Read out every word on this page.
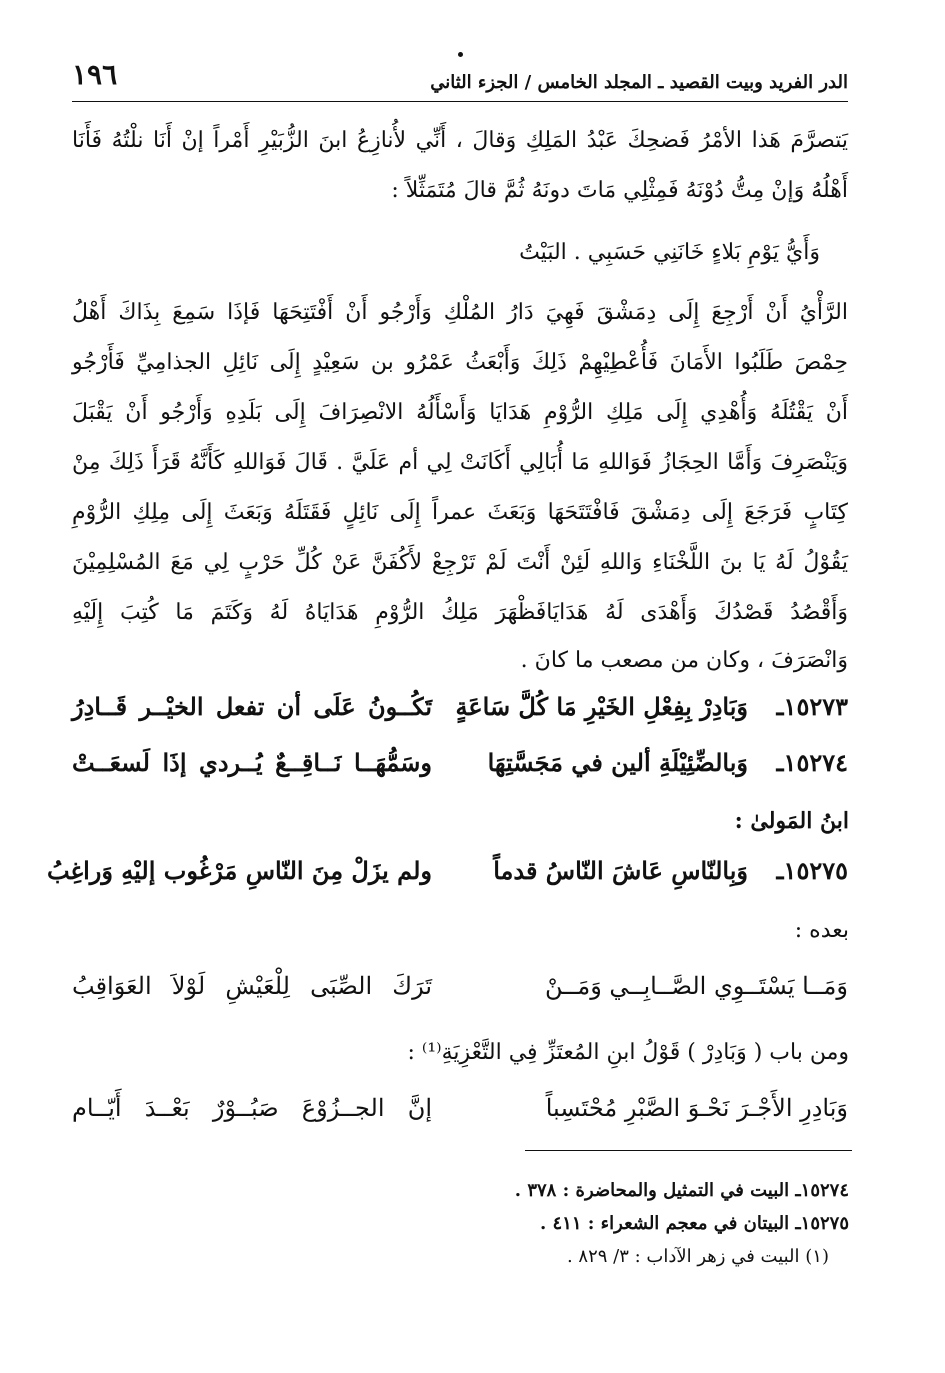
الدر الفريد وبيت القصيد ـ المجلد الخامس / الجزء الثاني
١٩٦
يَتصرَّمَ هَذا الأمْرُ فَضحِكَ عَبْدُ المَلِكِ وَقالَ ، أَنِّي لأُنازِعُ ابنَ الزُّبَيْرِ أَمْراً إنْ أَنَا نلْتُهُ فَأَنَا
أَهْلُهُ وَإنْ مِتُّ دُوْنَهُ فَمِثْلِي مَاتَ دونَهُ ثُمَّ قالَ مُتَمَثِّلاً :
وَأَيُّ يَوْمِ بَلاءٍ خَانَنِي حَسَبِي . البَيْتُ
الرَّأْيُ أَنْ أَرْجِعَ إِلَى دِمَشْقَ فَهِيَ دَارُ المُلْكِ وَأَرْجُو أَنْ أَفْتَتِحَهَا فَإذَا سَمِعَ بِذَاكَ أَهْلُ
حِمْصَ طَلَبُوا الأَمَانَ فَأُعْطِيْهِمْ ذَلِكَ وَأَبْعَثُ عَمْرُو بن سَعِيْدٍ إِلَى نَائِلِ الجذامِيِّ فَأَرْجُو
أَنْ يَقْتُلَهُ وَأُهْدِي إِلَى مَلِكِ الرُّوْمِ هَدَايَا وَأَسْأَلُهُ الانْصِرَافَ إِلَى بَلَدِهِ وَأَرْجُو أَنْ يَقْبَلَ
وَيَنْصَرِفَ وَأَمَّا الحِجَازُ فَوَاللهِ مَا أُبَالِي أَكَانَتْ لِي أم عَلَيَّ . قَالَ فَوَاللهِ كَأَنَّهُ قَرَأَ ذَلِكَ مِنْ
كِتَابٍ فَرَجَعَ إِلَى دِمَشْقَ فَافْتَتَحَهَا وَبَعَثَ عمراً إِلَى نَائِلٍ فَقَتَلَهُ وَبَعَثَ إِلَى مِلِكِ الرُّوْمِ
يَقُوْلُ لَهُ يَا بنَ اللَّخْنَاءِ وَاللهِ لَئِنْ أَنْتَ لَمْ تَرْجِعْ لأَكُفَنَّ عَنْ كُلِّ حَرْبٍ لِي مَعَ المُسْلِمِيْنَ
وَأَقْصُدُ قَصْدُكَ وَأَهْدَى لَهُ هَدَايَافَظْهَرَ مَلِكُ الرُّوْمِ هَدَايَاهُ لَهُ وَكَتَمَ مَا كُتِبَ إِلَيْهِ
وَانْصَرَفَ ، وكان من مصعب ما كانَ .
١٥٢٧٣ـ
وَبَادِرْ بِفِعْلِ الخَيْرِ مَا كُلَّ سَاعَةٍ
تَكُــونُ عَلَى أن تفعل الخيْــر قَــادِرُ
١٥٢٧٤ـ
وَبالضِّئِيْلَةِ ألين في مَجَسَّتِهَا
وسَمُّهَــا نَــاقِــعٌ يُــردي إذَا لَسعَــتْ
ابنُ المَولىٰ :
١٥٢٧٥ـ
وَبِالنّاسِ عَاشَ النّاسُ قدماً
ولم يزَلْ مِنَ النّاسِ مَرْغُوب إليْهِ وَراغِبُ
بعده :
وَمَــا يَسْتَــوِي الصَّــابِــي وَمَــنْ
تَرَكَ الصِّبَى لِلْعَيْشِ لَوْلاَ العَوَاقِبُ
ومن باب ( وَبَادِرْ ) قَوْلُ ابنِ المُعتَزِّ فِي التَّعْزِيَةِ⁽¹⁾ :
وَبَادِرِ الأَجْـرَ نَحْـوَ الصَّبْرِ مُحْتَسِباً
إنَّ الجــزُوْعَ صَبُــوْرٌ بَعْــدَ أَيّــام
١٥٢٧٤ـ البيت في التمثيل والمحاضرة : ٣٧٨ .
١٥٢٧٥ـ البيتان في معجم الشعراء : ٤١١ .
(١) البيت في زهر الآداب : ٣/ ٨٢٩ .
